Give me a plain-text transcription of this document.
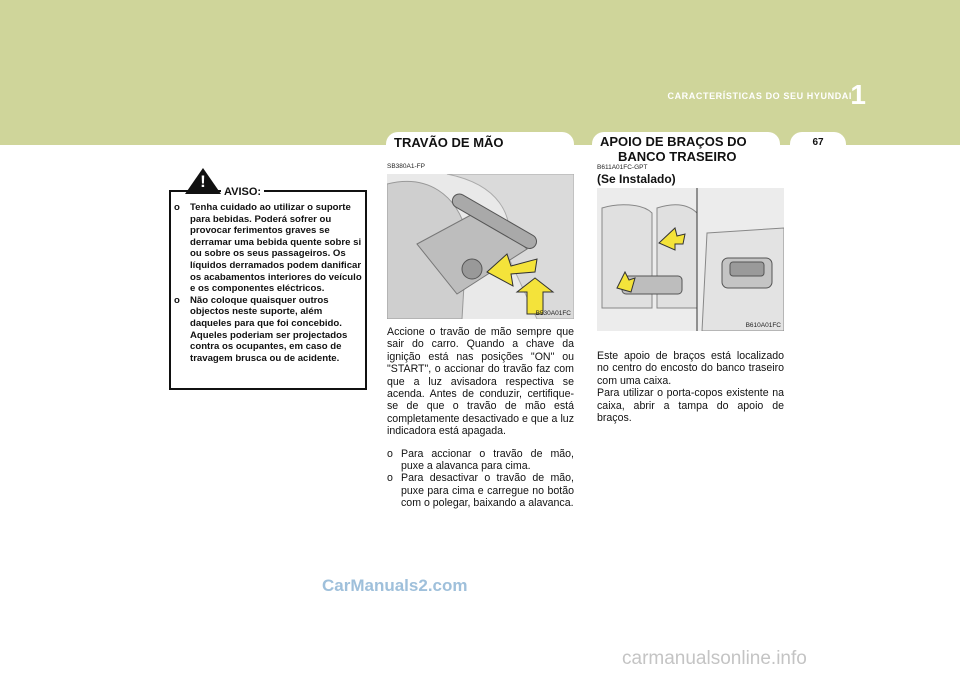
CARACTERÍSTICAS DO SEU HYUNDAI
1
TRAVÃO DE MÃO	APOIO DE BRAÇOS DO
BANCO TRASEIRO
67
!
AVISO:
o Tenha cuidado ao utilizar o suporte para bebidas. Poderá sofrer ou provocar ferimentos graves se derramar uma bebida quente sobre si ou sobre os seus passageiros. Os líquidos derramados podem danificar os acabamentos interiores do veículo e os componentes eléctricos.
o Não coloque quaisquer outros objectos neste suporte, além daqueles para que foi concebido. Aqueles poderiam ser projectados contra os ocupantes, em caso de travagem brusca ou de acidente.
SB380A1-FP
B530A01FC

Accione o travão de mão sempre que sair do carro. Quando a chave da ignição está nas posições "ON" ou "START", o accionar do travão faz com que a luz avisadora respectiva se acenda. Antes de conduzir, certifique-se de que o travão de mão está completamente desactivado e que a luz indicadora está apagada.

o Para accionar o travão de mão, puxe a alavanca para cima.
o Para desactivar o travão de mão, puxe para cima e carregue no botão com o polegar, baixando a alavanca.
B611A01FC-GPT
(Se Instalado)
B610A01FC

Este apoio de braços está localizado no centro do encosto do banco traseiro com uma caixa.

Para utilizar o porta-copos existente na caixa, abrir a tampa do apoio de braços.

CarManuals2.com
carmanualsonline.info
